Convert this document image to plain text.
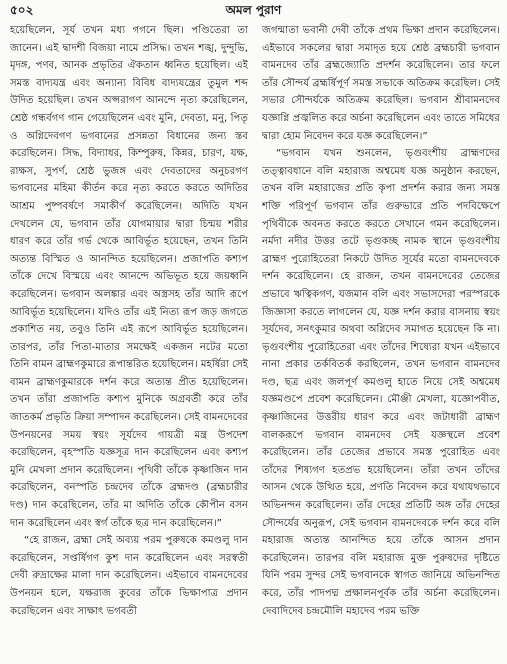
৫০২	অমল পুরাণ

হয়েছিলেন, সূর্য তখন মধ্য গগনে ছিল। পণ্ডিতেরা তা জানেন। এই দ্বাদশী বিজয়া নামে প্রসিদ্ধ। তখন শঙ্খ, দুন্দুভি, মৃদঙ্গ, পণব, আনক প্রভৃতির ঐকতান ধ্বনিত হয়েছিল। এই সমস্ত বাদ্যযন্ত্র এবং অন্যান্য বিবিধ বাদ্যযন্ত্রের তুমুল শব্দ উদিত হয়েছিল। তখন অপ্সরাগণ আনন্দে নৃত্য করেছিলেন, শ্রেষ্ঠ গন্ধর্বগণ গান গেয়েছিলেন এবং মুনি, দেবতা, মনু, পিতৃ ও অগ্নিদেবগণ ভগবানের প্রসন্নতা বিধানের জন্য স্তব করেছিলেন। সিদ্ধ, বিদ্যাধর, কিম্পুরুষ, কিন্নর, চারণ, যক্ষ, রাক্ষস, সুপর্ণ, শ্রেষ্ঠ ভুজঙ্গ এবং দেবতাদের অনুচরগণ ভগবানের মহিমা কীর্তন করে নৃত্য করতে করতে অদিতির আশ্রম পুষ্পবর্ষণে সমাকীর্ণ করেছিলেন। অদিতি যখন দেখলেন যে, ভগবান তাঁর যোগমায়ার দ্বারা চিন্ময় শরীর ধারণ করে তাঁর গর্ভ থেকে আবির্ভূত হয়েছেন, তখন তিনি অত্যন্ত বিস্মিত ও আনন্দিত হয়েছিলেন। প্রজাপতি কশ্যপ তাঁকে দেখে বিস্ময়ে এবং আনন্দে অভিভূত হয়ে জয়ধ্বনি করেছিলেন। ভগবান অলঙ্কার এবং অস্ত্রসহ তাঁর আদি রূপে আবির্ভূত হয়েছিলেন। যদিও তাঁর এই নিত্য রূপ জড় জগতে প্রকাশিত নয়, তবুও তিনি এই রূপে আবির্ভূত হয়েছিলেন। তারপর, তাঁর পিতা-মাতার সমক্ষেই একজন নটের মতো তিনি বামন ব্রাহ্মণকুমারে রূপান্তরিত হয়েছিলেন। মহর্ষিরা সেই বামন ব্রাহ্মণকুমারকে দর্শন করে অত্যন্ত প্রীত হয়েছিলেন। তখন তাঁরা প্রজাপতি কশ্যপ মুনিকে অগ্রবর্তী করে তাঁর জাতকর্ম প্রভৃতি ক্রিয়া সম্পাদন করেছিলেন। সেই বামনদেবের উপনয়নের সময় স্বয়ং সূর্যদেব গায়ত্রী মন্ত্র উপদেশ করেছিলেন, বৃহস্পতি যজ্ঞসূত্র দান করেছিলেন এবং কশ্যপ মুনি মেখলা প্রদান করেছিলেন। পৃথিবী তাঁকে কৃষ্ণাজিন দান করেছিলেন, বনস্পতি চন্দ্রদেব তাঁকে ব্রহ্মদণ্ড (ব্রহ্মচারীর দণ্ড) দান করেছিলেন, তাঁর মা অদিতি তাঁকে কৌপীন বসন দান করেছিলেন এবং স্বর্গ তাঁকে ছত্র দান করেছিলেন।”

“হে রাজন, ব্রহ্মা সেই অব্যয় পরম পুরুষকে কমণ্ডলু দান করেছিলেন, সপ্তর্ষিগণ কুশ দান করেছিলেন এবং সরস্বতী দেবী রুদ্রাক্ষের মালা দান করেছিলেন। এইভাবে বামনদেবের উপনয়ন হলে, যক্ষরাজ কুবের তাঁকে ভিক্ষাপাত্র প্রদান করেছিলেন এবং সাক্ষাৎ ভগবতী

জগন্মাতা ভবানী দেবী তাঁকে প্রথম ভিক্ষা প্রদান করেছিলেন। এইভাবে সকলের দ্বারা সমাদৃত হয়ে শ্রেষ্ঠ ব্রহ্মচারী ভগবান বামনদেব তাঁর ব্রহ্মজ্যোতি প্রদর্শন করেছিলেন। তার ফলে তাঁর সৌন্দর্য ব্রহ্মর্ষিপূর্ণ সমস্ত সভাকে অতিক্রম করেছিল। সেই সভার সৌন্দর্যকে অতিক্রম করেছিল। ভগবান শ্রীবামনদেব যজ্ঞাগ্নি প্রজ্বলিত করে অর্চনা করেছিলেন এবং তাতে সমিধের দ্বারা হোম নিবেদন করে যজ্ঞ করেছিলেন।”

“ভগবান যখন শুনলেন, ভৃগুবংশীয় ব্রাহ্মণদের তত্ত্বাবধানে বলি মহারাজ অশ্বমেধ যজ্ঞ অনুষ্ঠান করছেন, তখন বলি মহারাজের প্রতি কৃপা প্রদর্শন করার জন্য সমস্ত শক্তি পরিপূর্ণ ভগবান তাঁর গুরুভারে প্রতি পদবিক্ষেপে পৃথিবীকে অবনত করতে করতে সেখানে গমন করেছিলেন। নর্মদা নদীর উত্তর তটে ভৃগুকচ্ছ নামক স্থানে ভৃগুবংশীয় ব্রাহ্মণ পুরোহিতেরা নিকটে উদিত সূর্যের মতো বামনদেবকে দর্শন করেছিলেন। হে রাজন, তখন বামনদেবের তেজের প্রভাবে ঋত্বিকগণ, যজমান বলি এবং সভাসদেরা পরস্পরকে জিজ্ঞাসা করতে লাগলেন যে, যজ্ঞ দর্শন করার বাসনায় স্বয়ং সূর্যদেব, সনৎকুমার অথবা অগ্নিদেব সমাগত হয়েছেন কি না। ভৃগুবংশীয় পুরোহিতেরা এবং তাঁদের শিষ্যেরা যখন এইভাবে নানা প্রকার তর্কবিতর্ক করছিলেন, তখন ভগবান বামনদেব দণ্ড, ছত্র এবং জলপূর্ণ কমণ্ডলু হাতে নিয়ে সেই অশ্বমেধ যজ্ঞমণ্ডপে প্রবেশ করেছিলেন। মৌঞ্জী মেখলা, যজ্ঞোপবীত, কৃষ্ণাজিনের উত্তরীয় ধারণ করে এবং জটাধারী ব্রাহ্মণ বালকরূপে ভগবান বামনদেব সেই যজ্ঞস্থলে প্রবেশ করেছিলেন। তাঁর তেজের প্রভাবে সমস্ত পুরোহিত এবং তাঁদের শিষ্যগণ হতপ্রভ হয়েছিলেন। তাঁরা তখন তাঁদের আসন থেকে উত্থিত হয়ে, প্রণতি নিবেদন করে যথাযথভাবে অভিনন্দন করেছিলেন। তাঁর দেহের প্রতিটি অঙ্গ তাঁর দেহের সৌন্দর্যের অনুরূপ, সেই ভগবান বামনদেবকে দর্শন করে বলি মহারাজ অত্যন্ত আনন্দিত হয়ে তাঁকে আসন প্রদান করেছিলেন। তারপর বলি মহারাজ মুক্ত পুরুষদের দৃষ্টিতে যিনি পরম সুন্দর সেই ভগবানকে স্বাগত জানিয়ে অভিনন্দিত করে, তাঁর পাদপদ্ম প্রক্ষালনপূর্বক তাঁর অর্চনা করেছিলেন। দেবাদিদেব চন্দ্রমৌলি মহাদেব পরম ভক্তি
